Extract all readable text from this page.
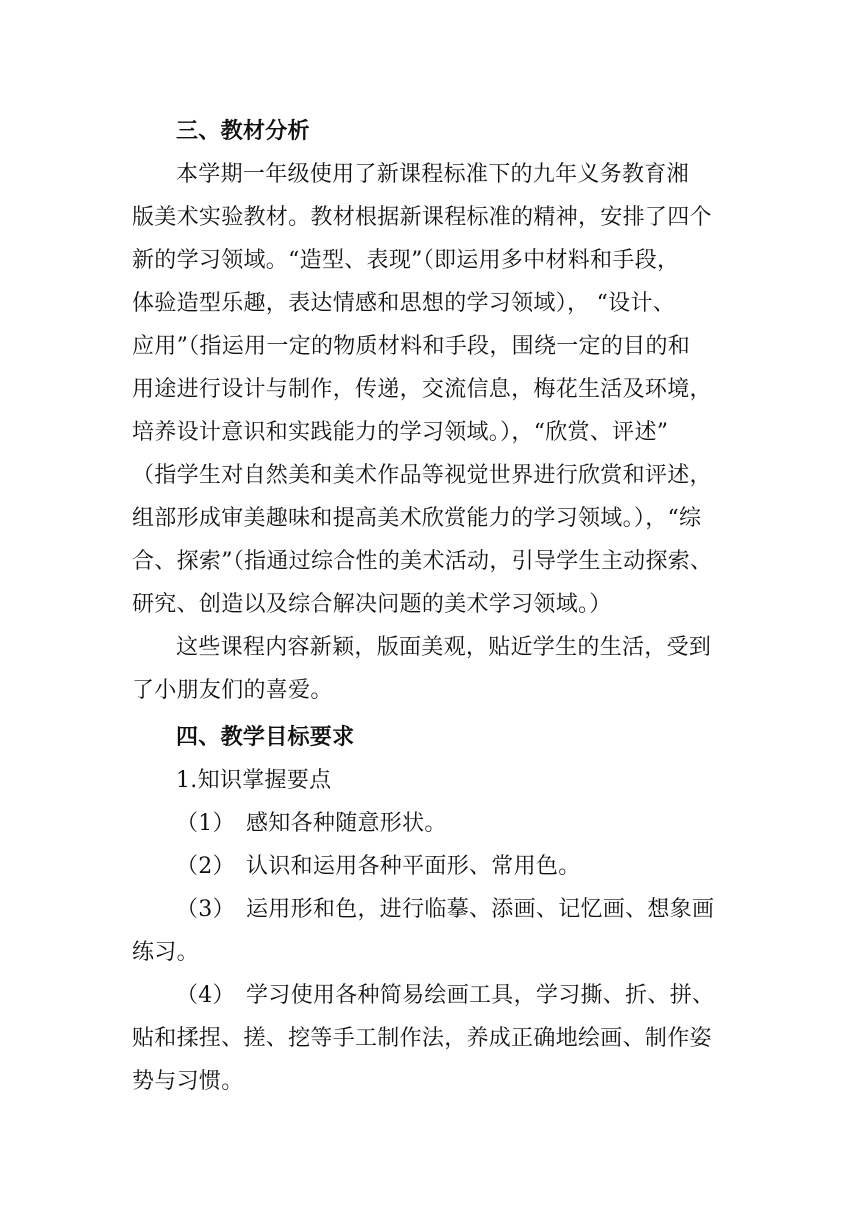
三、教材分析
本学期一年级使用了新课程标准下的九年义务教育湘
版美术实验教材。教材根据新课程标准的精神，安排了四个
新的学习领域。“造型、表现”（即运用多中材料和手段，
体验造型乐趣，表达情感和思想的学习领域）， “设计、
应用”（指运用一定的物质材料和手段，围绕一定的目的和
用途进行设计与制作，传递，交流信息，梅花生活及环境，
培养设计意识和实践能力的学习领域。），“欣赏、评述”
（指学生对自然美和美术作品等视觉世界进行欣赏和评述，
组部形成审美趣味和提高美术欣赏能力的学习领域。），“综
合、探索”（指通过综合性的美术活动，引导学生主动探索、
研究、创造以及综合解决问题的美术学习领域。）
这些课程内容新颖，版面美观，贴近学生的生活，受到
了小朋友们的喜爱。
四、教学目标要求
1.知识掌握要点
（1） 感知各种随意形状。
（2） 认识和运用各种平面形、常用色。
（3） 运用形和色，进行临摹、添画、记忆画、想象画
练习。
（4） 学习使用各种简易绘画工具，学习撕、折、拼、
贴和揉捏、搓、挖等手工制作法，养成正确地绘画、制作姿
势与习惯。
